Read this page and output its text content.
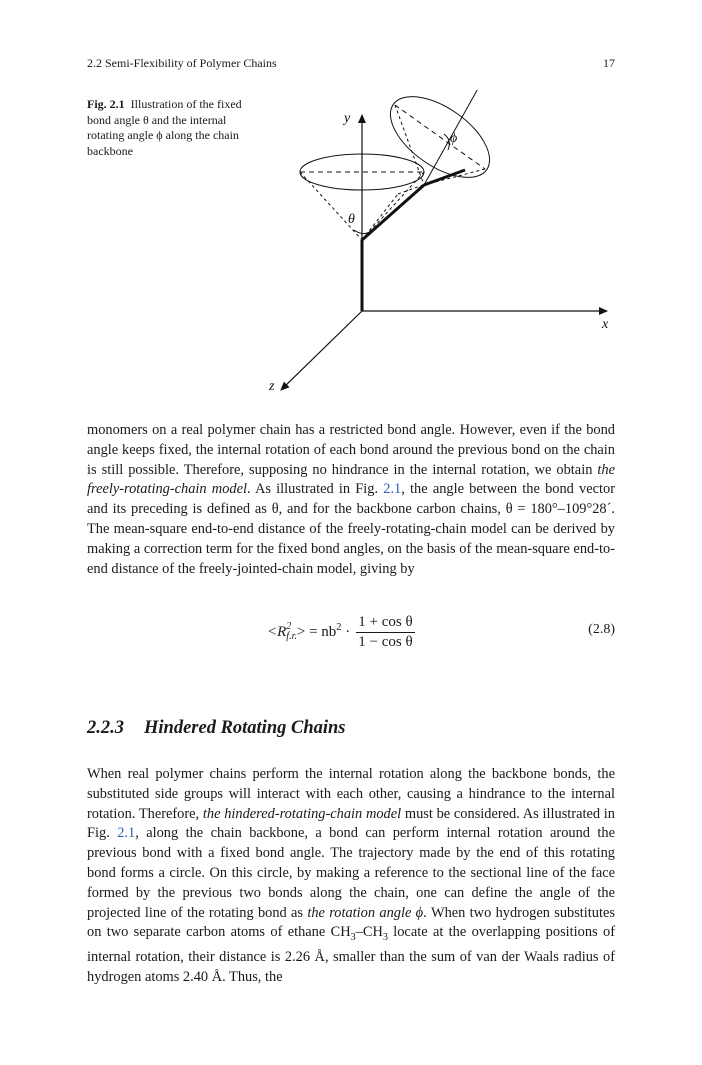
2.2 Semi-Flexibility of Polymer Chains	17
Fig. 2.1 Illustration of the fixed bond angle θ and the internal rotating angle ϕ along the chain backbone
y
x
z
θ
ϕ

monomers on a real polymer chain has a restricted bond angle. However, even if the bond angle keeps fixed, the internal rotation of each bond around the previous bond on the chain is still possible. Therefore, supposing no hindrance in the internal rotation, we obtain the freely-rotating-chain model. As illustrated in Fig. 2.1, the angle between the bond vector and its preceding is defined as θ, and for the backbone carbon chains, θ = 180°–109°28´. The mean-square end-to-end distance of the freely-rotating-chain model can be derived by making a correction term for the fixed bond angles, on the basis of the mean-square end-to-end distance of the freely-jointed-chain model, giving by

<R 2
f.r. > = $nb^2 \cdot \frac{\text{1 + cos θ}}{\text{1 − cos θ}}$	(2.8)
2.2.3 Hindered Rotating Chains

When real polymer chains perform the internal rotation along the backbone bonds, the substituted side groups will interact with each other, causing a hindrance to the internal rotation. Therefore, the hindered-rotating-chain model must be considered. As illustrated in Fig. 2.1, along the chain backbone, a bond can perform internal rotation around the previous bond with a fixed bond angle. The trajectory made by the end of this rotating bond forms a circle. On this circle, by making a reference to the sectional line of the face formed by the previous two bonds along the chain, one can define the angle of the projected line of the rotating bond as the rotation angle ϕ. When two hydrogen substitutes on two separate carbon atoms of ethane $CH_3-CH_3$ locate at the overlapping positions of internal rotation, their distance is 2.26 Å, smaller than the sum of van der Waals radius of hydrogen atoms 2.40 Å. Thus, the
